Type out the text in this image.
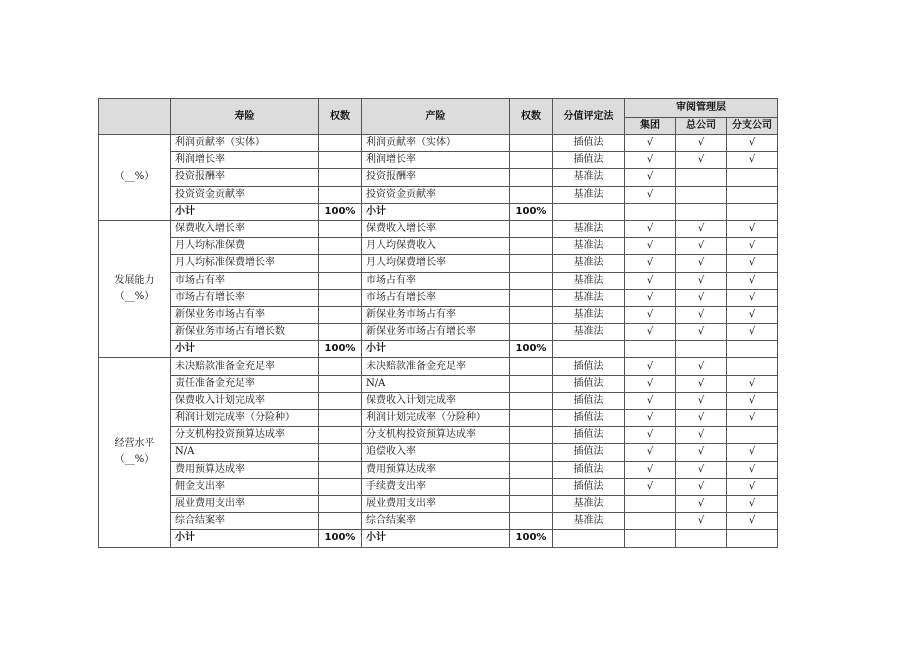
	寿险	权数	产险	权数	分值评定法	审阅管理层		
						集团	总公司	分支公司

（__%）	利润贡献率（实体）		利润贡献率（实体）		插值法	√	√	√
	利润增长率		利润增长率		插值法	√	√	√
	投资报酬率		投资报酬率		基准法	√		
	投资资金贡献率		投资资金贡献率		基准法	√		
	小计	100%	小计	100%				

发展能力
（__%）	保费收入增长率		保费收入增长率		基准法	√	√	√
	月人均标准保费		月人均保费收入		基准法	√	√	√
	月人均标准保费增长率		月人均保费增长率		基准法	√	√	√
	市场占有率		市场占有率		基准法	√	√	√
	市场占有增长率		市场占有增长率		基准法	√	√	√
	新保业务市场占有率		新保业务市场占有率		基准法	√	√	√
	新保业务市场占有增长数		新保业务市场占有增长率		基准法	√	√	√
	小计	100%	小计	100%				

经营水平
（__%）	未决赔款准备金充足率		未决赔款准备金充足率		插值法	√	√	
	责任准备金充足率		N/A		插值法	√	√	√
	保费收入计划完成率		保费收入计划完成率		插值法	√	√	√
	利润计划完成率（分险种）		利润计划完成率（分险种）		插值法	√	√	√
	分支机构投资预算达成率		分支机构投资预算达成率		插值法	√	√	
	N/A		追偿收入率		插值法	√	√	√
	费用预算达成率		费用预算达成率		插值法	√	√	√
	佣金支出率		手续费支出率		插值法	√	√	√
	展业费用支出率		展业费用支出率		基准法		√	√
	综合结案率		综合结案率		基准法		√	√
	小计	100%	小计	100%				
